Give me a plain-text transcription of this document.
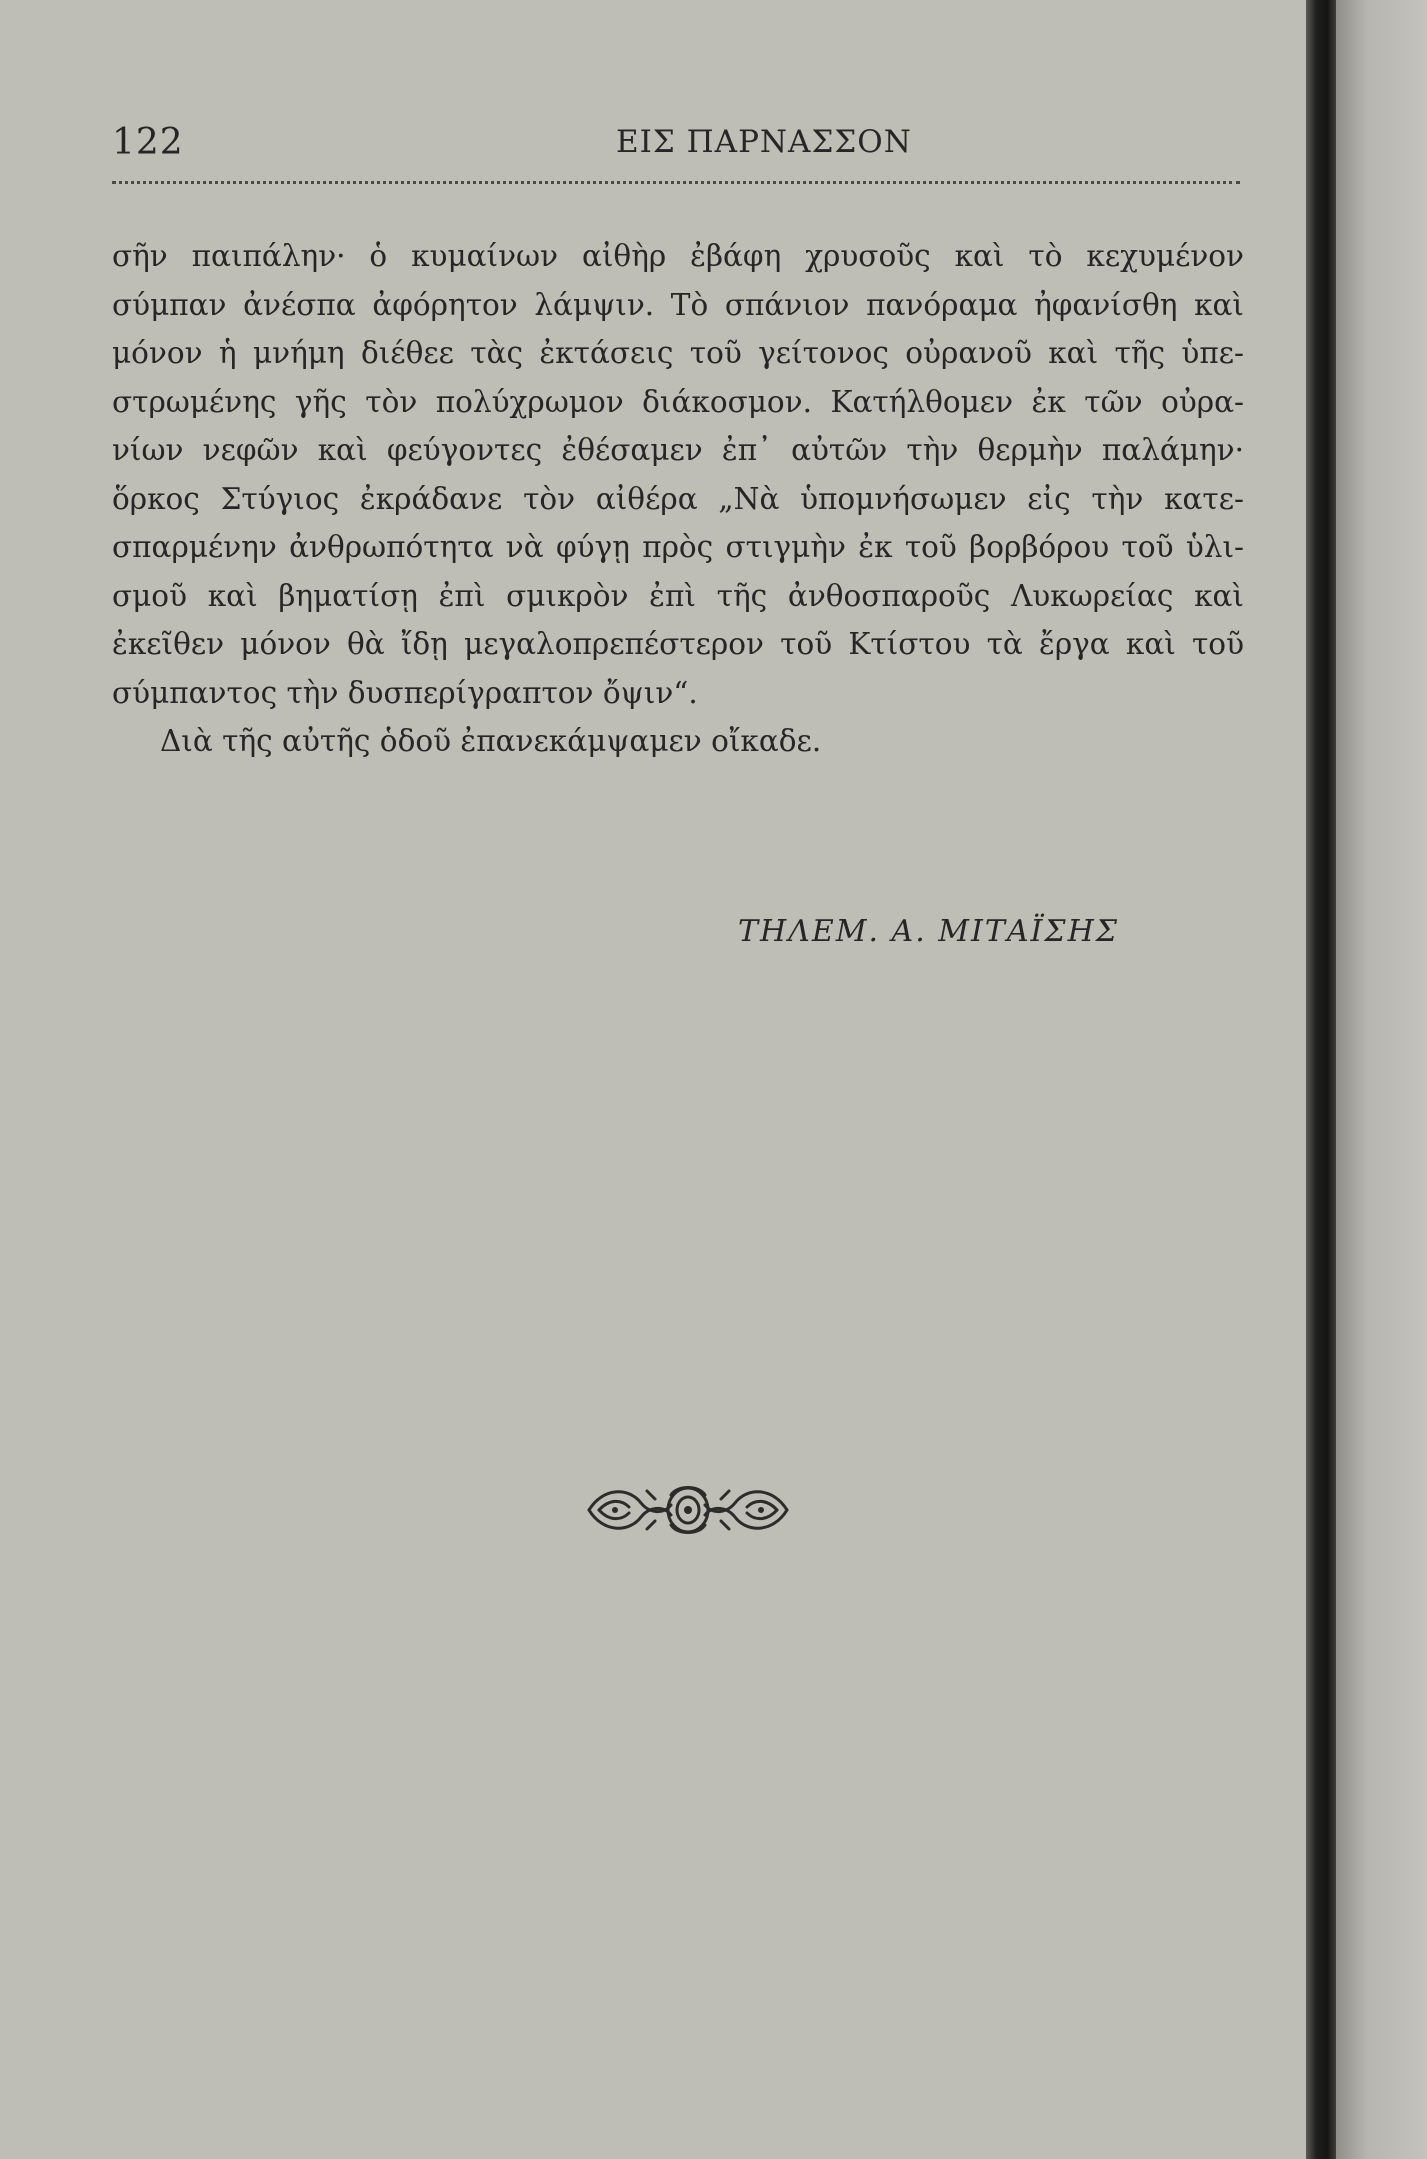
122	ΕΙΣ ΠΑΡΝΑΣΣΟΝ
σῆν παιπάλην· ὁ κυμαίνων αἰθὴρ ἐβάφη χρυσοῦς καὶ τὸ κεχυμένον
σύμπαν ἀνέσπα ἀφόρητον λάμψιν. Τὸ σπάνιον πανόραμα ἠφανίσθη καὶ
μόνον ἡ μνήμη διέθεε τὰς ἐκτάσεις τοῦ γείτονος οὐρανοῦ καὶ τῆς ὑπε-
στρωμένης γῆς τὸν πολύχρωμον διάκοσμον. Κατήλθομεν ἐκ τῶν οὐρα-
νίων νεφῶν καὶ φεύγοντες ἐθέσαμεν ἐπ᾽ αὐτῶν τὴν θερμὴν παλάμην·
ὅρκος Στύγιος ἐκράδανε τὸν αἰθέρα „Νὰ ὑπομνήσωμεν εἰς τὴν κατε-
σπαρμένην ἀνθρωπότητα νὰ φύγῃ πρὸς στιγμὴν ἐκ τοῦ βορβόρου τοῦ ὑλι-
σμοῦ καὶ βηματίσῃ ἐπὶ σμικρὸν ἐπὶ τῆς ἀνθοσπαροῦς Λυκωρείας καὶ
ἐκεῖθεν μόνον θὰ ἴδῃ μεγαλοπρεπέστερον τοῦ Κτίστου τὰ ἔργα καὶ τοῦ
σύμπαντος τὴν δυσπερίγραπτον ὄψιν“.
Διὰ τῆς αὐτῆς ὁδοῦ ἐπανεκάμψαμεν οἴκαδε.
ΤΗΛΕΜ. Α. ΜΙΤΑΪΣΗΣ
